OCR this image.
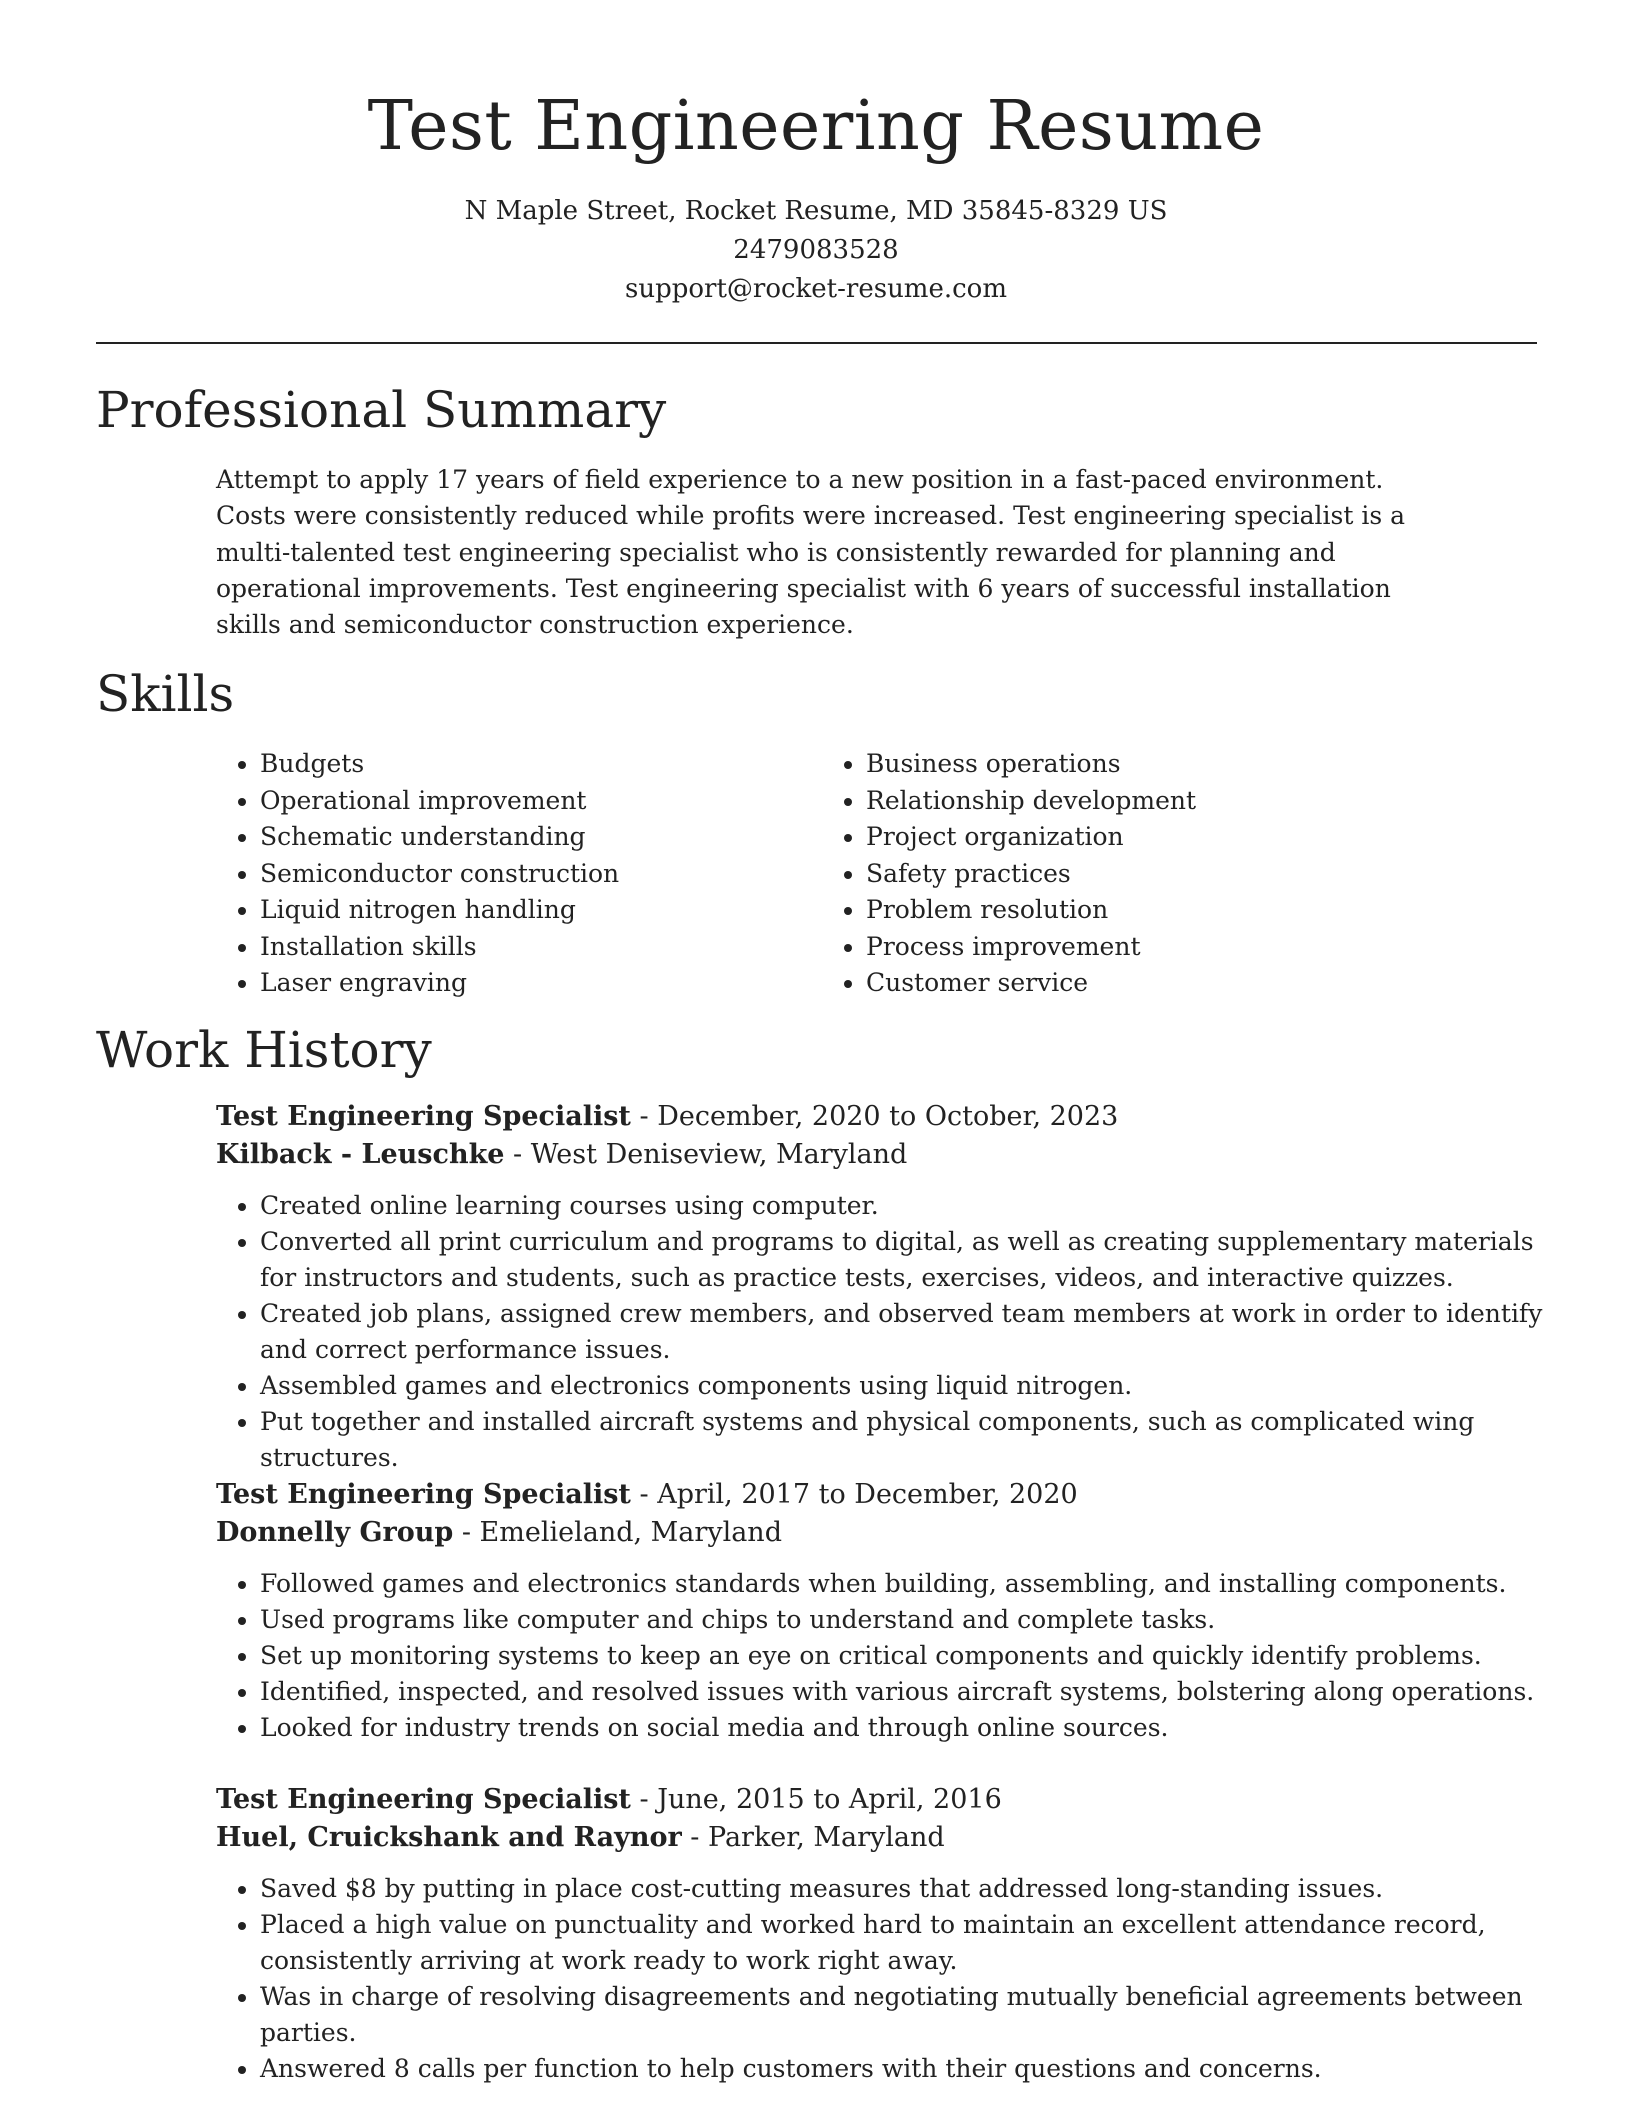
Test Engineering Resume
N Maple Street, Rocket Resume, MD 35845-8329 US
2479083528
support@rocket-resume.com
Professional Summary

Attempt to apply 17 years of field experience to a new position in a fast-paced environment. Costs were consistently reduced while profits were increased. Test engineering specialist is a multi-talented test engineering specialist who is consistently rewarded for planning and operational improvements. Test engineering specialist with 6 years of successful installation skills and semiconductor construction experience.

Skills
• Budgets
• Operational improvement
• Schematic understanding
• Semiconductor construction
• Liquid nitrogen handling
• Installation skills
• Laser engraving
• Business operations
• Relationship development
• Project organization
• Safety practices
• Problem resolution
• Process improvement
• Customer service
Work History
Test Engineering Specialist - December, 2020 to October, 2023
Kilback - Leuschke - West Deniseview, Maryland
• Created online learning courses using computer.
• Converted all print curriculum and programs to digital, as well as creating supplementary materials for instructors and students, such as practice tests, exercises, videos, and interactive quizzes.
• Created job plans, assigned crew members, and observed team members at work in order to identify and correct performance issues.
• Assembled games and electronics components using liquid nitrogen.
• Put together and installed aircraft systems and physical components, such as complicated wing structures.
Test Engineering Specialist - April, 2017 to December, 2020
Donnelly Group - Emelieland, Maryland
• Followed games and electronics standards when building, assembling, and installing components.
• Used programs like computer and chips to understand and complete tasks.
• Set up monitoring systems to keep an eye on critical components and quickly identify problems.
• Identified, inspected, and resolved issues with various aircraft systems, bolstering along operations.
• Looked for industry trends on social media and through online sources.
Test Engineering Specialist - June, 2015 to April, 2016
Huel, Cruickshank and Raynor - Parker, Maryland
• Saved $8 by putting in place cost-cutting measures that addressed long-standing issues.
• Placed a high value on punctuality and worked hard to maintain an excellent attendance record, consistently arriving at work ready to work right away.
• Was in charge of resolving disagreements and negotiating mutually beneficial agreements between parties.
• Answered 8 calls per function to help customers with their questions and concerns.
